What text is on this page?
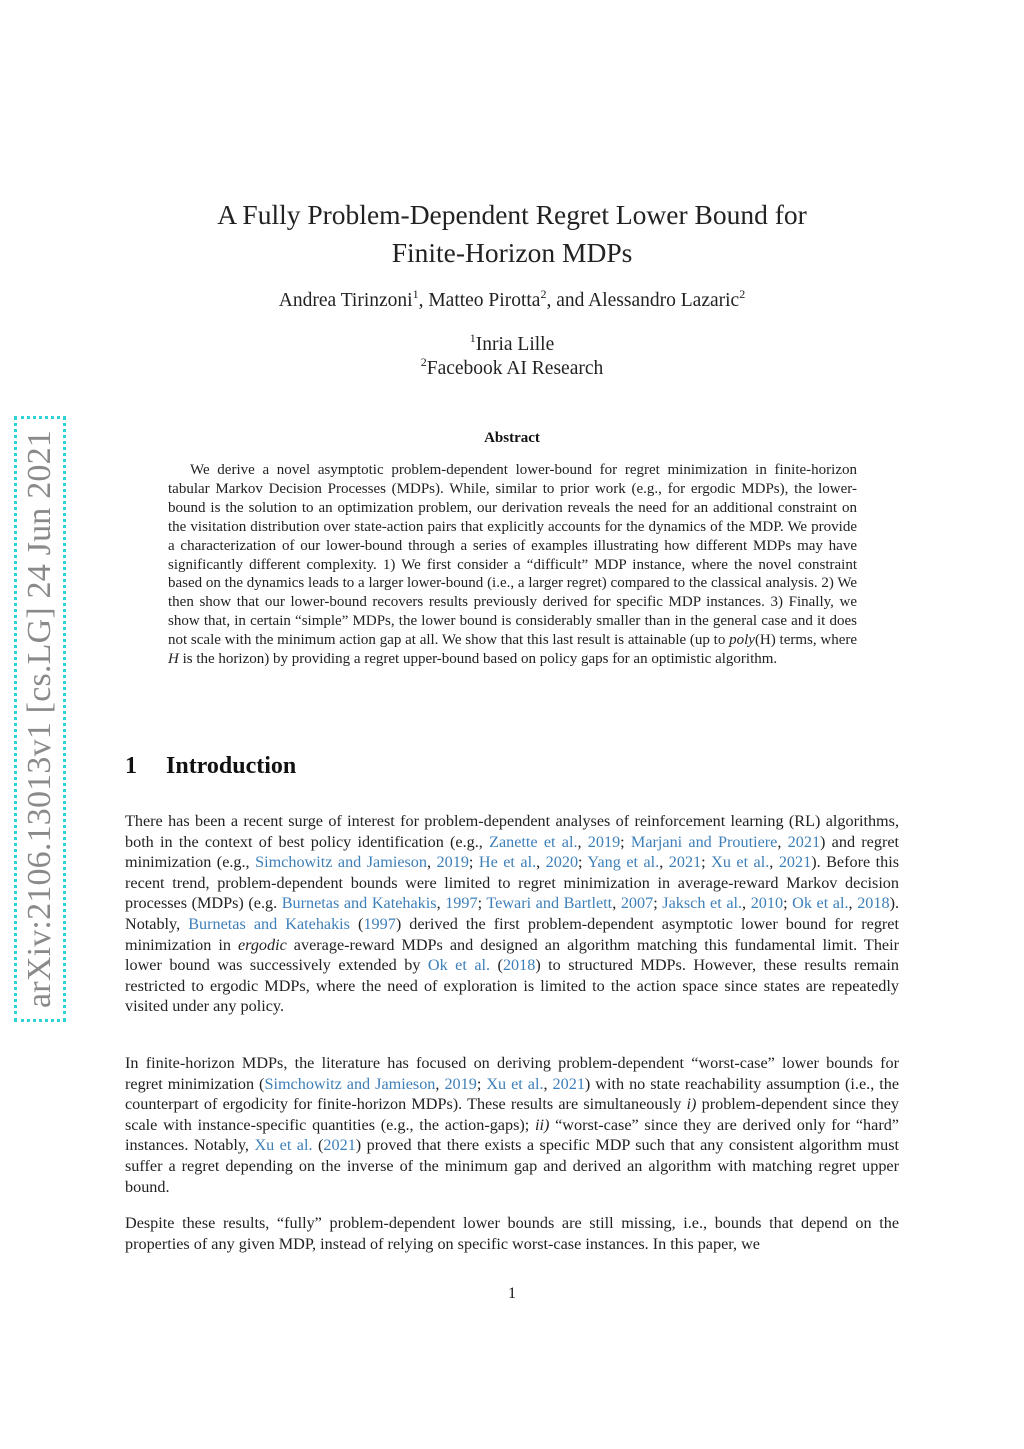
arXiv:2106.13013v1 [cs.LG] 24 Jun 2021
A Fully Problem-Dependent Regret Lower Bound for
Finite-Horizon MDPs
Andrea Tirinzoni$^1$, Matteo Pirotta$^2$, and Alessandro Lazaric$^2$
$^1$Inria Lille
$^2$Facebook AI Research
Abstract
We derive a novel asymptotic problem-dependent lower-bound for regret minimization in finite-horizon tabular Markov Decision Processes (MDPs). While, similar to prior work (e.g., for ergodic MDPs), the lower-bound is the solution to an optimization problem, our derivation reveals the need for an additional constraint on the visitation distribution over state-action pairs that explicitly accounts for the dynamics of the MDP. We provide a characterization of our lower-bound through a series of examples illustrating how different MDPs may have significantly different complexity. 1) We first consider a “difficult” MDP instance, where the novel constraint based on the dynamics leads to a larger lower-bound (i.e., a larger regret) compared to the classical analysis. 2) We then show that our lower-bound recovers results previously derived for specific MDP instances. 3) Finally, we show that, in certain “simple” MDPs, the lower bound is considerably smaller than in the general case and it does not scale with the minimum action gap at all. We show that this last result is attainable (up to poly(H) terms, where H is the horizon) by providing a regret upper-bound based on policy gaps for an optimistic algorithm.
1 Introduction
There has been a recent surge of interest for problem-dependent analyses of reinforcement learning (RL) algorithms, both in the context of best policy identification (e.g., Zanette et al., 2019; Marjani and Proutiere, 2021) and regret minimization (e.g., Simchowitz and Jamieson, 2019; He et al., 2020; Yang et al., 2021; Xu et al., 2021). Before this recent trend, problem-dependent bounds were limited to regret minimization in average-reward Markov decision processes (MDPs) (e.g. Burnetas and Katehakis, 1997; Tewari and Bartlett, 2007; Jaksch et al., 2010; Ok et al., 2018). Notably, Burnetas and Katehakis (1997) derived the first problem-dependent asymptotic lower bound for regret minimization in ergodic average-reward MDPs and designed an algorithm matching this fundamental limit. Their lower bound was successively extended by Ok et al. (2018) to structured MDPs. However, these results remain restricted to ergodic MDPs, where the need of exploration is limited to the action space since states are repeatedly visited under any policy.
In finite-horizon MDPs, the literature has focused on deriving problem-dependent “worst-case” lower bounds for regret minimization (Simchowitz and Jamieson, 2019; Xu et al., 2021) with no state reachability assumption (i.e., the counterpart of ergodicity for finite-horizon MDPs). These results are simultaneously i) problem-dependent since they scale with instance-specific quantities (e.g., the action-gaps); ii) “worst-case” since they are derived only for “hard” instances. Notably, Xu et al. (2021) proved that there exists a specific MDP such that any consistent algorithm must suffer a regret depending on the inverse of the minimum gap and derived an algorithm with matching regret upper bound.
Despite these results, “fully” problem-dependent lower bounds are still missing, i.e., bounds that depend on the properties of any given MDP, instead of relying on specific worst-case instances. In this paper, we
1
